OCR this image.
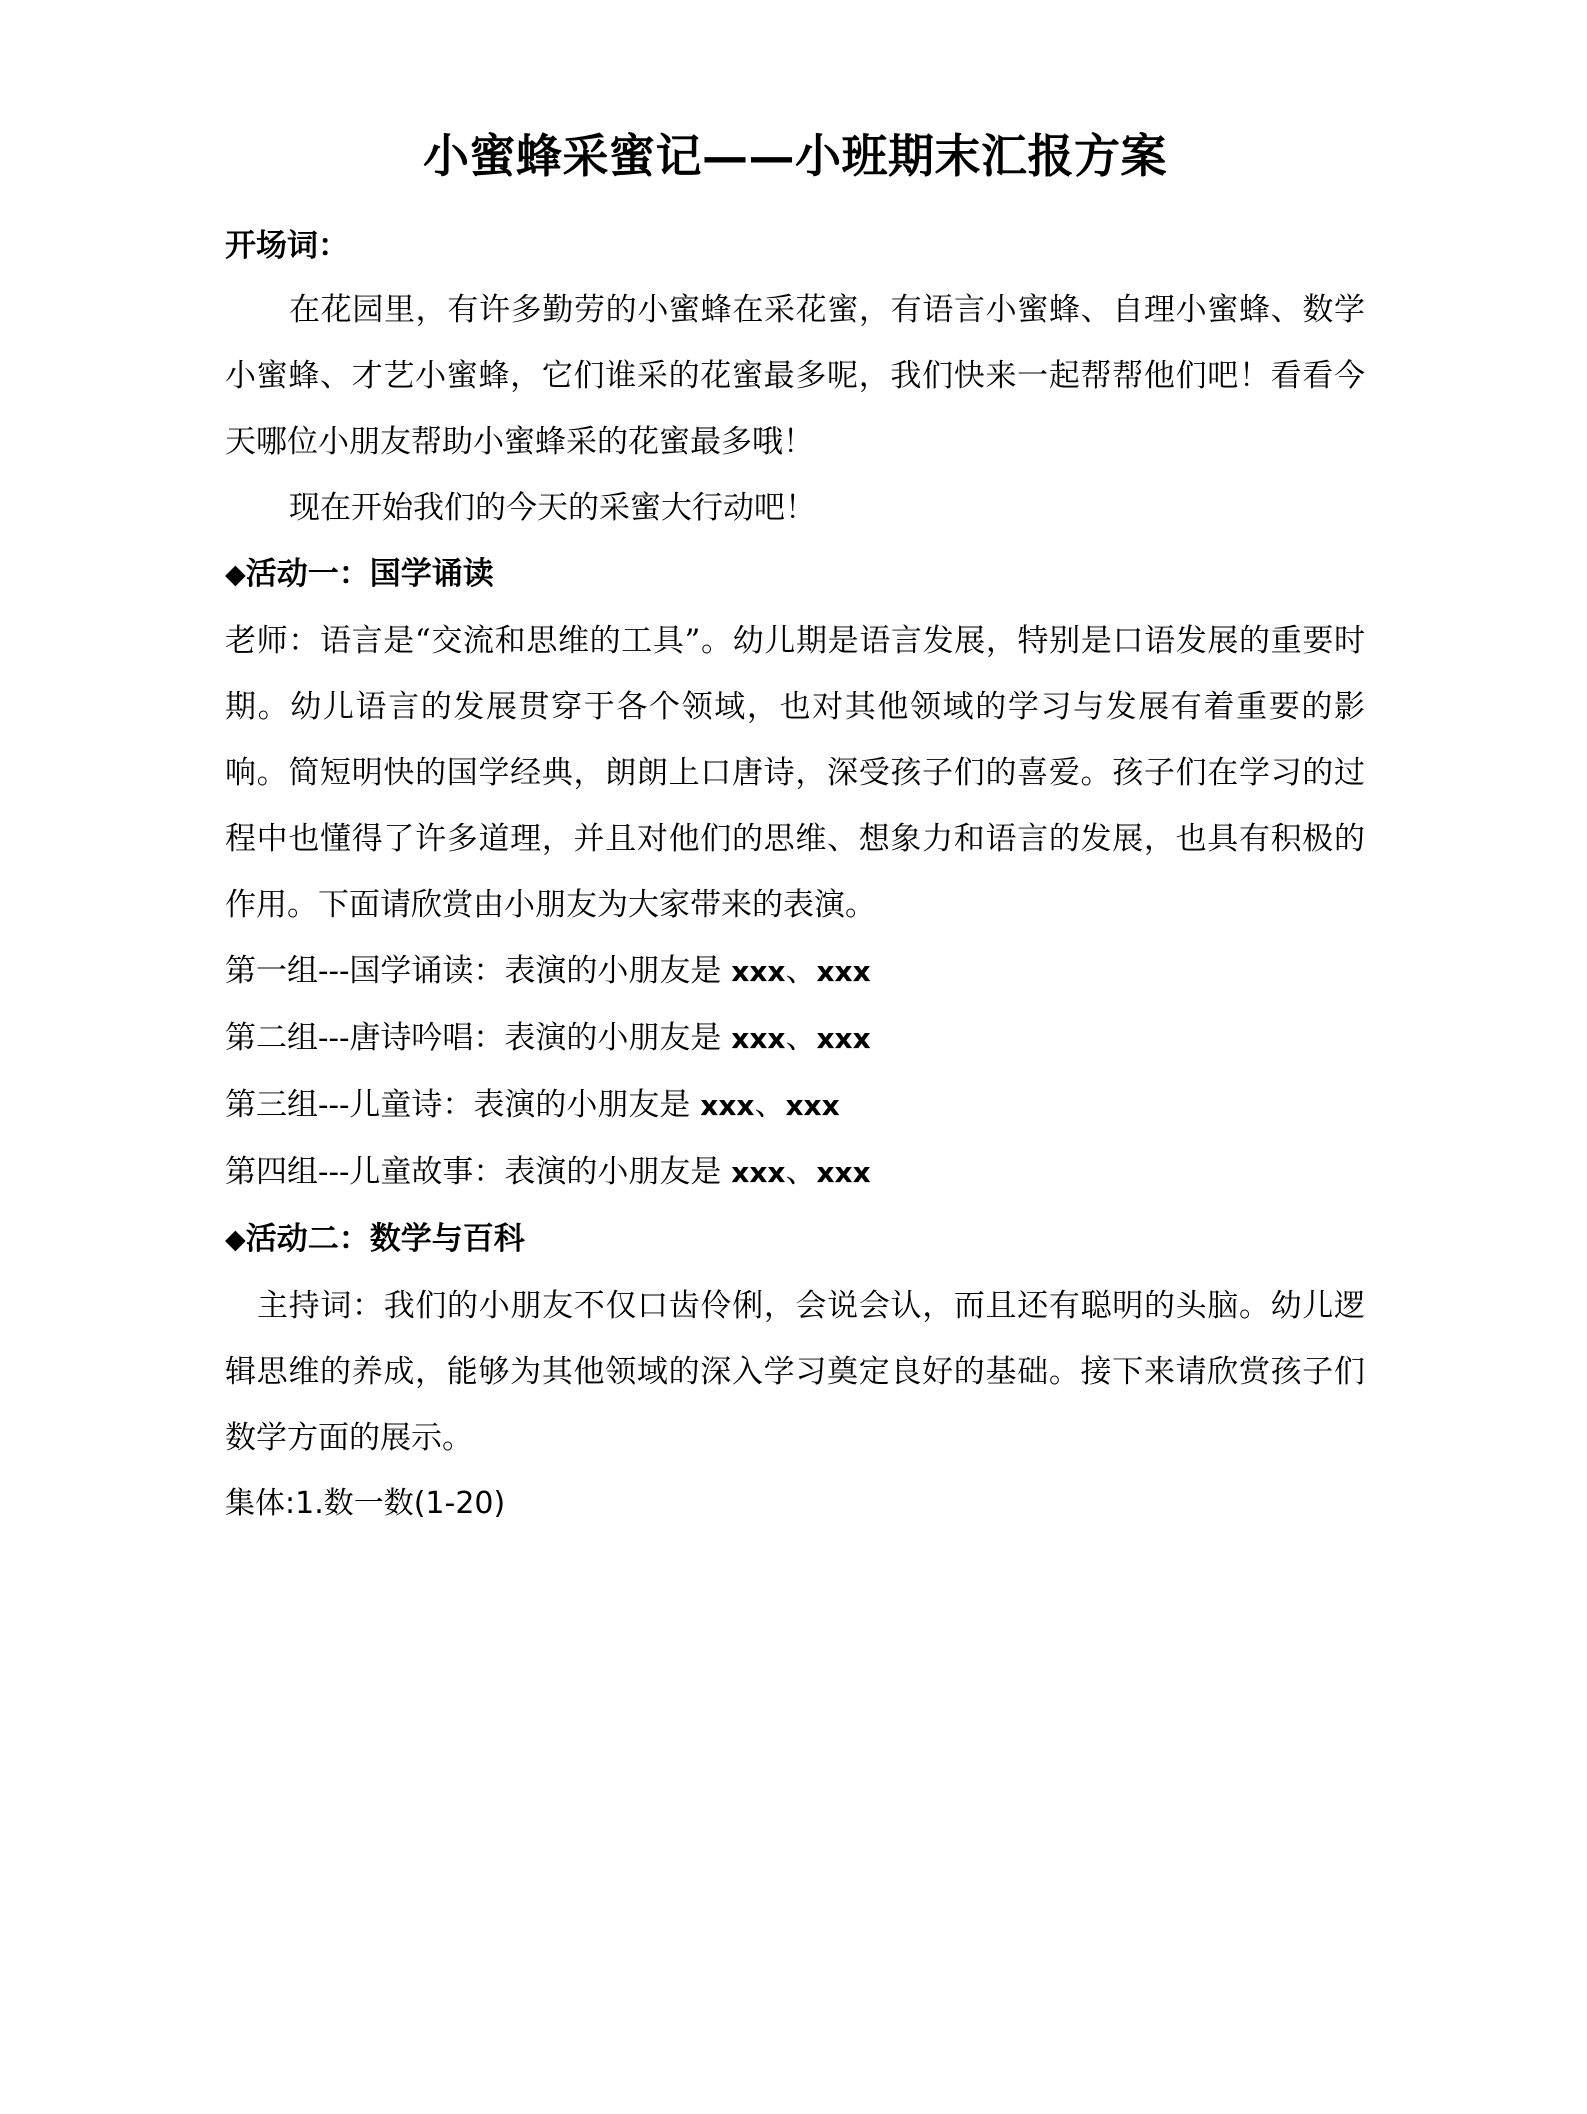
小蜜蜂采蜜记——小班期末汇报方案
开场词：

在花园里，有许多勤劳的小蜜蜂在采花蜜，有语言小蜜蜂、自理小蜜蜂、数学小蜜蜂、才艺小蜜蜂，它们谁采的花蜜最多呢，我们快来一起帮帮他们吧！看看今天哪位小朋友帮助小蜜蜂采的花蜜最多哦！

现在开始我们的今天的采蜜大行动吧！

◆活动一：国学诵读

老师：语言是“交流和思维的工具”。幼儿期是语言发展，特别是口语发展的重要时期。幼儿语言的发展贯穿于各个领域，也对其他领域的学习与发展有着重要的影响。简短明快的国学经典，朗朗上口唐诗，深受孩子们的喜爱。孩子们在学习的过程中也懂得了许多道理，并且对他们的思维、想象力和语言的发展，也具有积极的作用。下面请欣赏由小朋友为大家带来的表演。

第一组---国学诵读：表演的小朋友是 xxx、xxx

第二组---唐诗吟唱：表演的小朋友是 xxx、xxx

第三组---儿童诗：表演的小朋友是 xxx、xxx

第四组---儿童故事：表演的小朋友是 xxx、xxx

◆活动二：数学与百科

主持词：我们的小朋友不仅口齿伶俐，会说会认，而且还有聪明的头脑。幼儿逻辑思维的养成，能够为其他领域的深入学习奠定良好的基础。接下来请欣赏孩子们数学方面的展示。

集体:1.数一数(1-20)
